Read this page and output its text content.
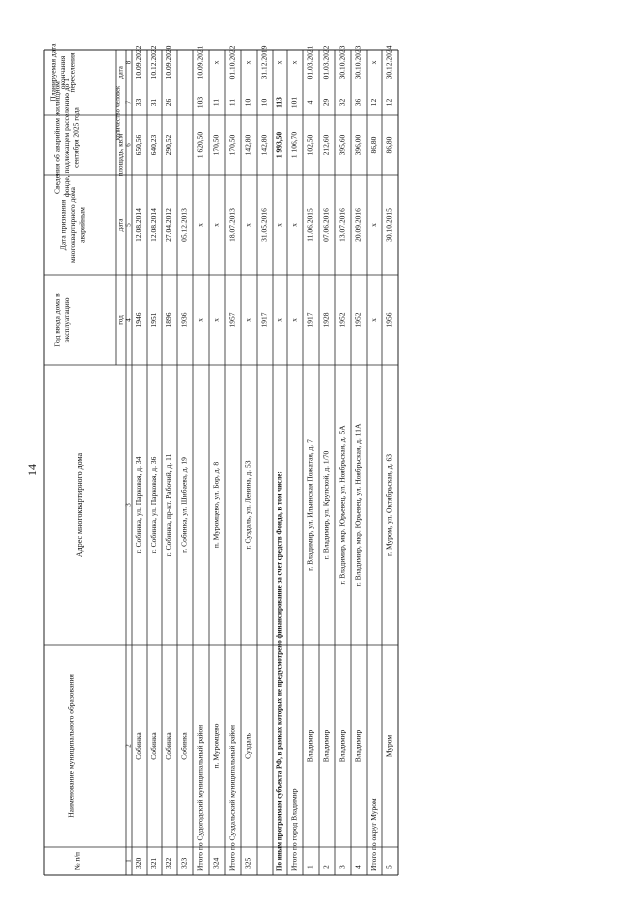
14
№ п/п
Наименование муниципального образования
Адрес многоквартирного дома
Год ввода дома в эксплуатацию
Дата признания многоквартирного дома аварийным
Сведения об аварийном жилищном фонде, подлежащем расселению до 1 сентября 2025 года
Планируемая дата окончания переселения
год
дата
площадь, кв.м
количество человек
дата
1
2
3
4
5
6
7
8
320
Собинка
г. Собинка, ул. Парковая, д. 34
1946
12.08.2014
650,56
33
10.09.2022
321
Собинка
г. Собинка, ул. Парковая, д. 36
1951
12.08.2014
640,23
31
10.12.2022
322
Собинка
г. Собинка, пр-кт. Рабочий, д. 11
1896
27.04.2012
290,52
26
10.09.2020
323
Собинка
г. Собинка, ул. Шибаева, д. 19
1936
05.12.2013
Итого по Судогодский муниципальный район
x
x
1 620,50
103
10.09.2021
324
п. Муромцево
п. Муромцево, ул. Бор, д. 8
x
x
170,50
11
x
Итого по Суздальский муниципальный район
1957
18.07.2013
170,50
11
01.10.2022
325
Суздаль
г. Суздаль, ул. Ленина, д. 53
x
x
142,80
10
x
1917
31.05.2016
142,80
10
31.12.2019
По иным программам субъекта РФ, в рамках которых не предусмотрено финансирование за счет средств Фонда, в том числе:
x
x
1 993,50
113
x
Итого по город Владимир
x
x
1 106,70
101
x
1
Владимир
г. Владимир, ул. Ильинская Пожатая, д. 7
1917
11.06.2015
102,50
4
01.03.2021
2
Владимир
г. Владимир, ул. Крупской, д. 1/70
1928
07.06.2016
212,60
29
01.03.2022
3
Владимир
г. Владимир, мкр. Юрьевец, ул. Ноябрьская, д. 5А
1952
13.07.2016
395,60
32
30.10.2023
4
Владимир
г. Владимир, мкр. Юрьевец, ул. Ноябрьская, д. 11А
1952
20.09.2016
396,00
36
30.10.2023
Итого по округ Муром
x
x
86,80
12
x
5
Муром
г. Муром, ул. Октябрьская, д. 63
1956
30.10.2015
86,80
12
30.12.2024
